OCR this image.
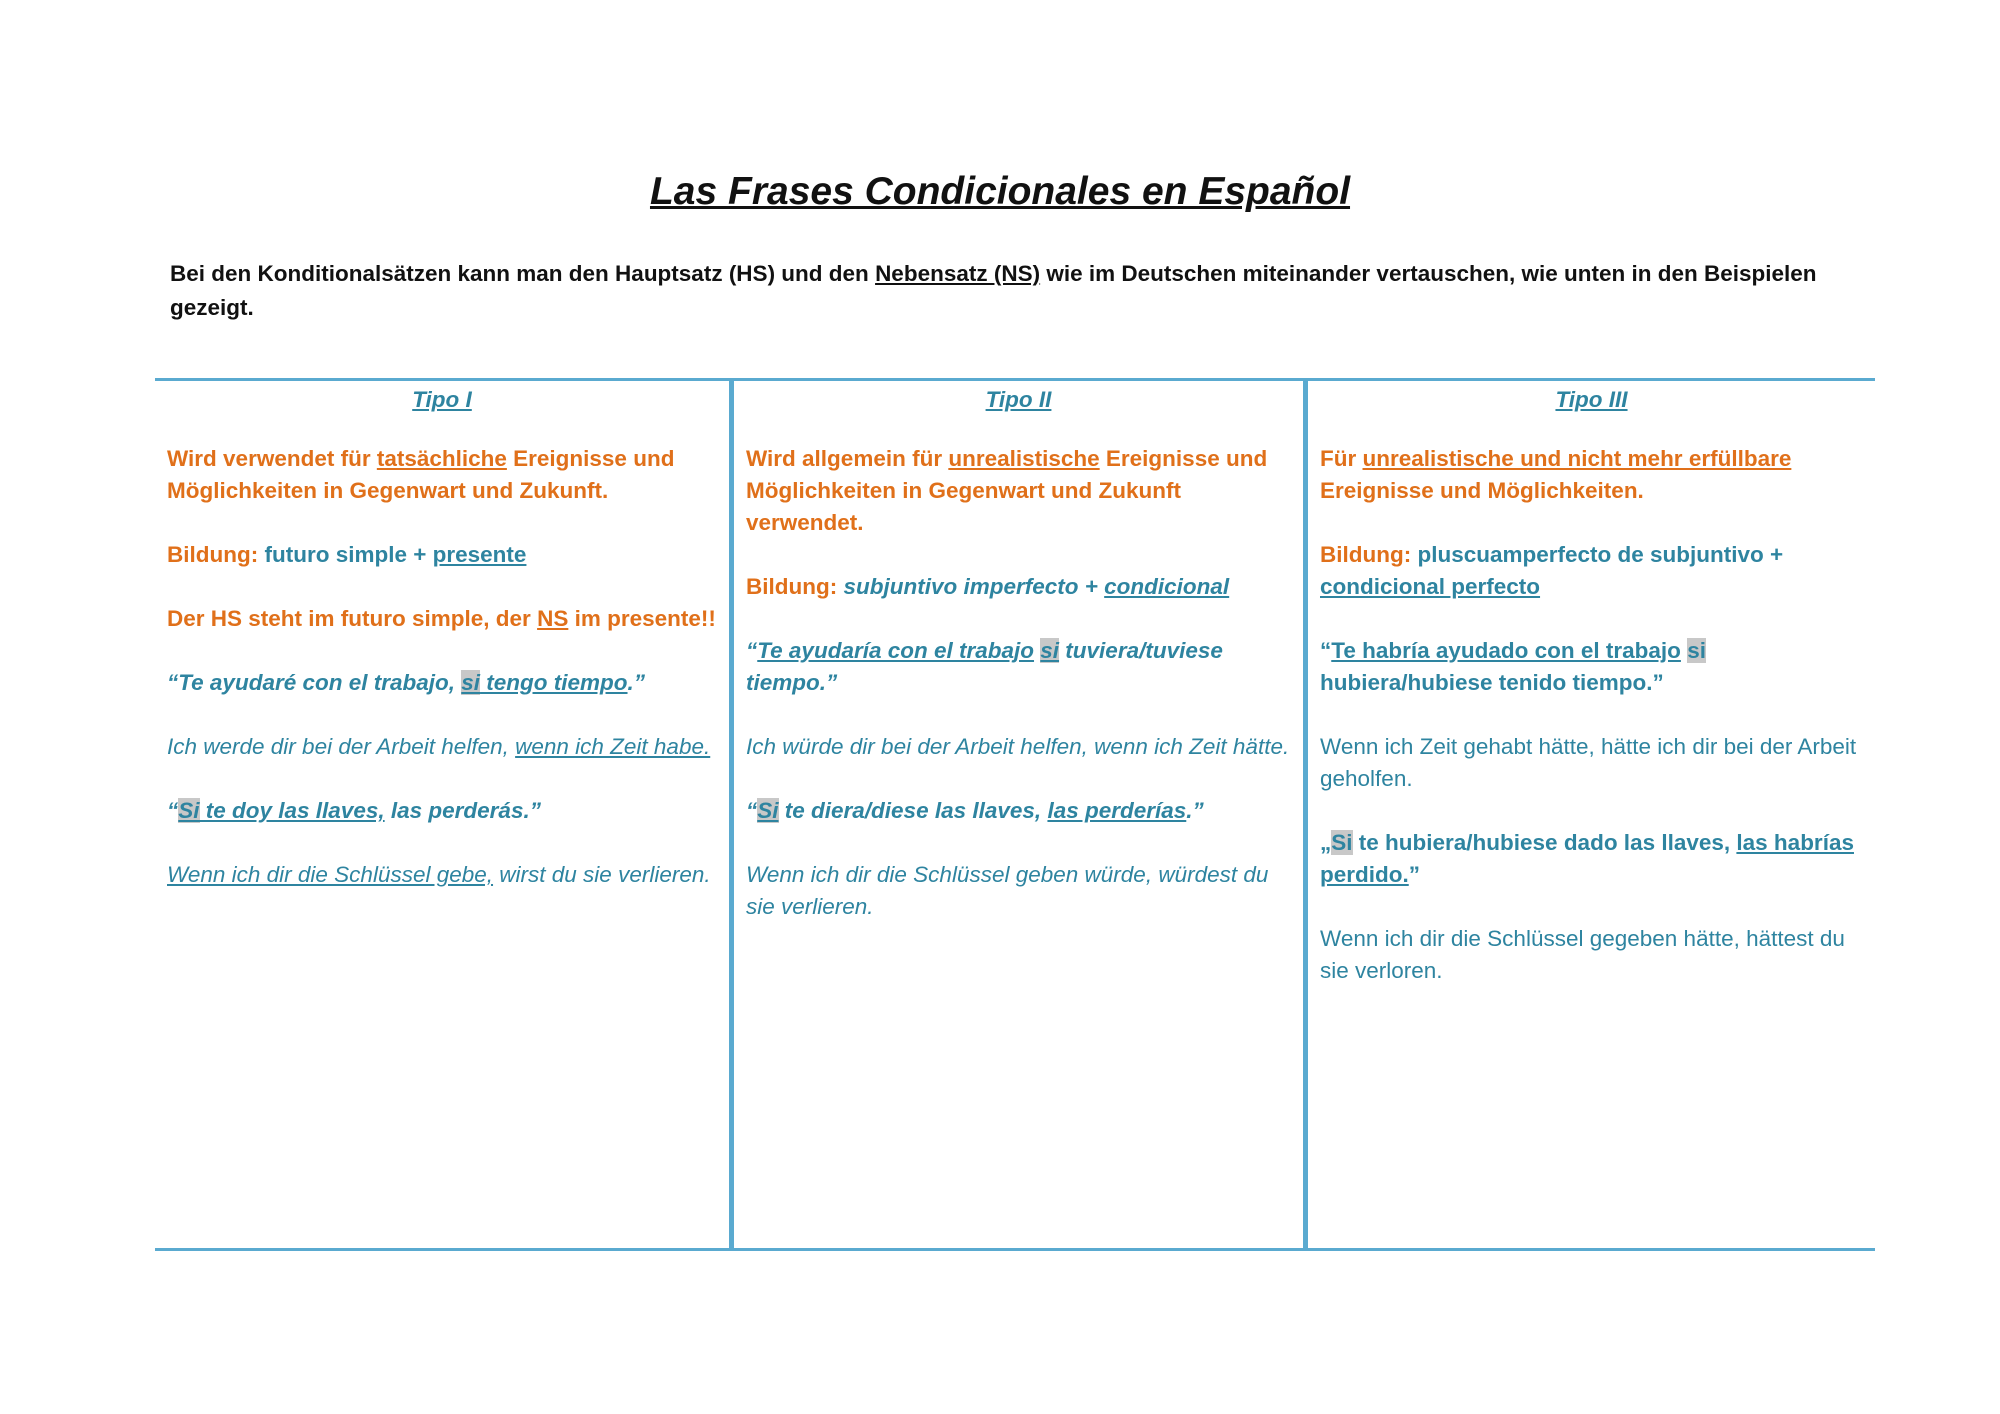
Las Frases Condicionales en Español
Bei den Konditionalsätzen kann man den Hauptsatz (HS) und den Nebensatz (NS) wie im Deutschen miteinander vertauschen, wie unten in den Beispielen gezeigt.
Tipo I

Wird verwendet für tatsächliche Ereignisse und Möglichkeiten in Gegenwart und Zukunft.

Bildung: futuro simple + presente

Der HS steht im futuro simple, der NS im presente!!

“Te ayudaré con el trabajo, si tengo tiempo.”

Ich werde dir bei der Arbeit helfen, wenn ich Zeit habe.

“Si te doy las llaves, las perderás.”

Wenn ich dir die Schlüssel gebe, wirst du sie verlieren.

Tipo II

Wird allgemein für unrealistische Ereignisse und Möglichkeiten in Gegenwart und Zukunft verwendet.

Bildung: subjuntivo imperfecto + condicional

“Te ayudaría con el trabajo si tuviera/tuviese tiempo.”

Ich würde dir bei der Arbeit helfen, wenn ich Zeit hätte.

“Si te diera/diese las llaves, las perderías.”

Wenn ich dir die Schlüssel geben würde, würdest du sie verlieren.

Tipo III

Für unrealistische und nicht mehr erfüllbare Ereignisse und Möglichkeiten.

Bildung: pluscuamperfecto de subjuntivo + condicional perfecto

“Te habría ayudado con el trabajo si hubiera/hubiese tenido tiempo.”

Wenn ich Zeit gehabt hätte, hätte ich dir bei der Arbeit geholfen.

„Si te hubiera/hubiese dado las llaves, las habrías perdido.”

Wenn ich dir die Schlüssel gegeben hätte, hättest du sie verloren.
